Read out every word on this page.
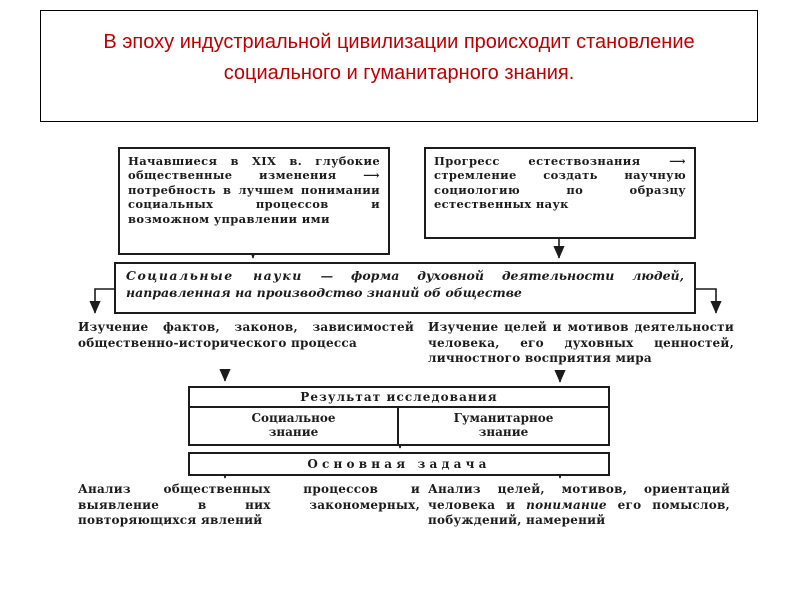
В эпоху индустриальной цивилизации происходит становление социального и гуманитарного знания.
Начавшиеся в XIX в. глубокие общественные изменения ⟶ потребность в лучшем понимании социальных процессов и возможном управлении ими
Прогресс естествознания ⟶ стремление создать научную социологию по образцу естественных наук
Социальные науки — форма духовной деятельности людей, направленная на производство знаний об обществе
Изучение фактов, законов, зависимостей общественно-исторического процесса
Изучение целей и мотивов деятельности человека, его духовных ценностей, личностного восприятия мира
Результат исследования
Социальное знание
Гуманитарное знание
Основная задача
Анализ общественных процессов и выявление в них закономерных, повторяющихся явлений
Анализ целей, мотивов, ориентаций человека и понимание его помыслов, побуждений, намерений
